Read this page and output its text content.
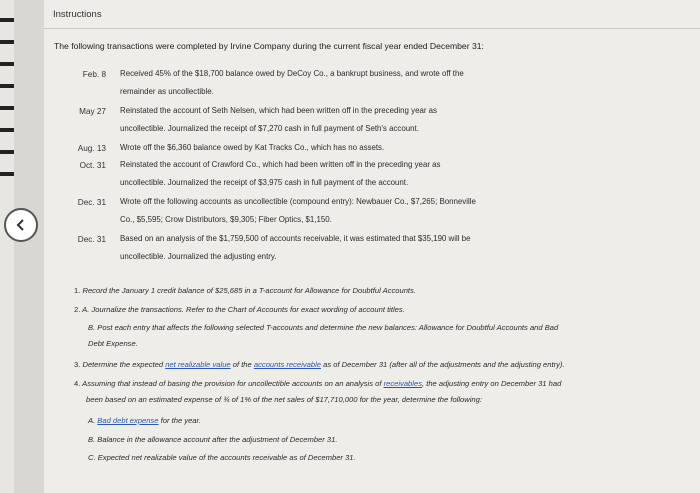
Instructions
The following transactions were completed by Irvine Company during the current fiscal year ended December 31:
Feb. 8 Received 45% of the $18,700 balance owed by DeCoy Co., a bankrupt business, and wrote off the
remainder as uncollectible.
May 27 Reinstated the account of Seth Nelsen, which had been written off in the preceding year as
uncollectible. Journalized the receipt of $7,270 cash in full payment of Seth's account.
Aug. 13 Wrote off the $6,360 balance owed by Kat Tracks Co., which has no assets.
Oct. 31 Reinstated the account of Crawford Co., which had been written off in the preceding year as
uncollectible. Journalized the receipt of $3,975 cash in full payment of the account.
Dec. 31 Wrote off the following accounts as uncollectible (compound entry): Newbauer Co., $7,265; Bonneville
Co., $5,595; Crow Distributors, $9,305; Fiber Optics, $1,150.
Dec. 31 Based on an analysis of the $1,759,500 of accounts receivable, it was estimated that $35,190 will be
uncollectible. Journalized the adjusting entry.
1. Record the January 1 credit balance of $25,685 in a T-account for Allowance for Doubtful Accounts.
2. A. Journalize the transactions. Refer to the Chart of Accounts for exact wording of account titles.
B. Post each entry that affects the following selected T-accounts and determine the new balances: Allowance for Doubtful Accounts and Bad
Debt Expense.
3. Determine the expected net realizable value of the accounts receivable as of December 31 (after all of the adjustments and the adjusting entry).
4. Assuming that instead of basing the provision for uncollectible accounts on an analysis of receivables, the adjusting entry on December 31 had
been based on an estimated expense of ¾ of 1% of the net sales of $17,710,000 for the year, determine the following:
A. Bad debt expense for the year.
B. Balance in the allowance account after the adjustment of December 31.
C. Expected net realizable value of the accounts receivable as of December 31.
